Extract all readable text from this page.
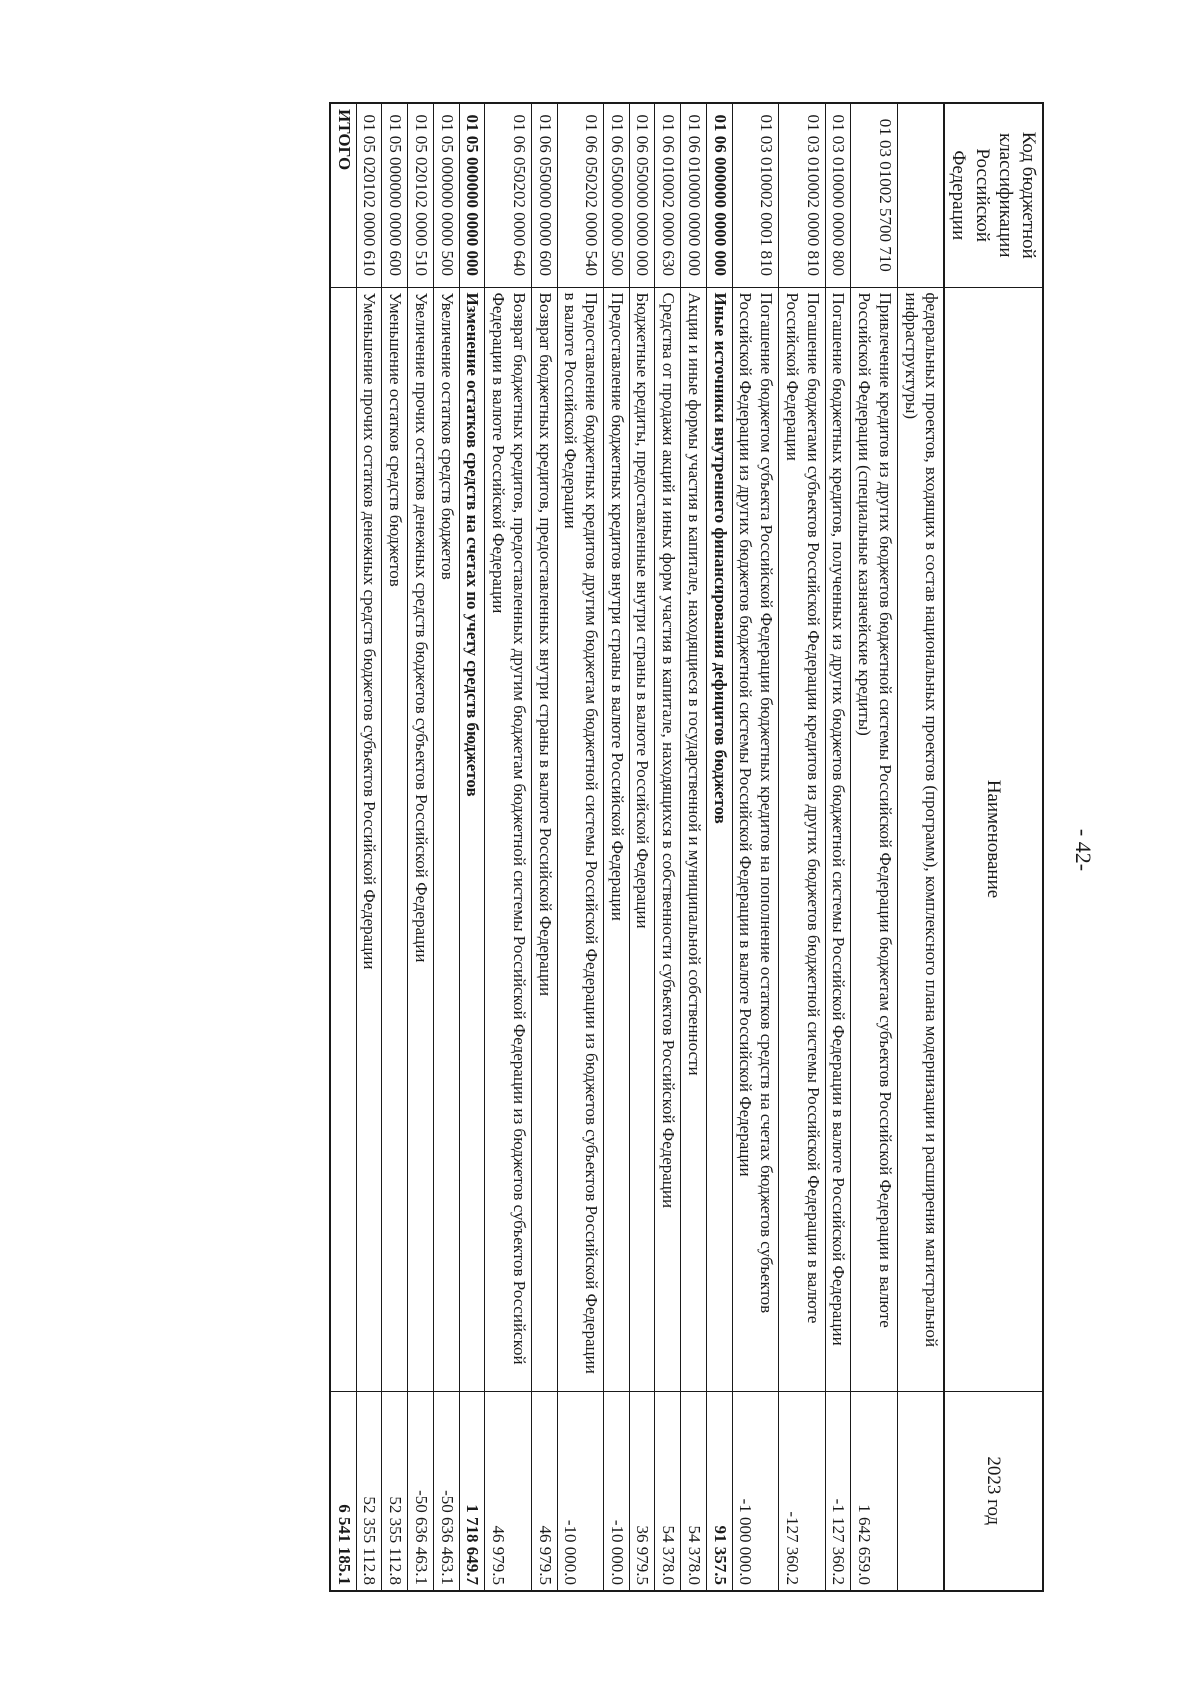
- 42-
Код бюджетной классификации Российской Федерации	Наименование	2023 год
	федеральных проектов, входящих в состав национальных проектов (программ), комплексного плана модернизации и расширения магистральной инфраструктуры)	
01 03 01002 5700 710	Привлечение кредитов из других бюджетов бюджетной системы Российской Федерации бюджетам субъектов Российской Федерации в валюте Российской Федерации (специальные казначейские кредиты)	1 642 659.0
01 03 010000 0000 800	Погашение бюджетных кредитов, полученных из других бюджетов бюджетной системы Российской Федерации в валюте Российской Федерации	-1 127 360.2
01 03 010002 0000 810	Погашение бюджетами субъектов Российской Федерации кредитов из других бюджетов бюджетной системы Российской Федерации в валюте Российской Федерации	-127 360.2
01 03 010002 0001 810	Погашение бюджетом субъекта Российской Федерации бюджетных кредитов на пополнение остатков средств на счетах бюджетов субъектов Российской Федерации из других бюджетов бюджетной системы Российской Федерации в валюте Российской Федерации	-1 000 000.0
01 06 000000 0000 000	Иные источники внутреннего финансирования дефицитов бюджетов	91 357.5
01 06 010000 0000 000	Акции и иные формы участия в капитале, находящиеся в государственной и муниципальной собственности	54 378.0
01 06 010002 0000 630	Средства от продажи акций и иных форм участия в капитале, находящихся в собственности субъектов Российской Федерации	54 378.0
01 06 050000 0000 000	Бюджетные кредиты, предоставленные внутри страны в валюте Российской Федерации	36 979.5
01 06 050000 0000 500	Предоставление бюджетных кредитов внутри страны в валюте Российской Федерации	-10 000.0
01 06 050202 0000 540	Предоставление бюджетных кредитов другим бюджетам бюджетной системы Российской Федерации из бюджетов субъектов Российской Федерации в валюте Российской Федерации	-10 000.0
01 06 050000 0000 600	Возврат бюджетных кредитов, предоставленных внутри страны в валюте Российской Федерации	46 979.5
01 06 050202 0000 640	Возврат бюджетных кредитов, предоставленных другим бюджетам бюджетной системы Российской Федерации из бюджетов субъектов Российской Федерации в валюте Российской Федерации	46 979.5
01 05 000000 0000 000	Изменение остатков средств на счетах по учету средств бюджетов	1 718 649.7
01 05 000000 0000 500	Увеличение остатков средств бюджетов	-50 636 463.1
01 05 020102 0000 510	Увеличение прочих остатков денежных средств бюджетов субъектов Российской Федерации	-50 636 463.1
01 05 000000 0000 600	Уменьшение остатков средств бюджетов	52 355 112.8
01 05 020102 0000 610	Уменьшение прочих остатков денежных средств бюджетов субъектов Российской Федерации	52 355 112.8
ИТОГО		6 541 185.1
